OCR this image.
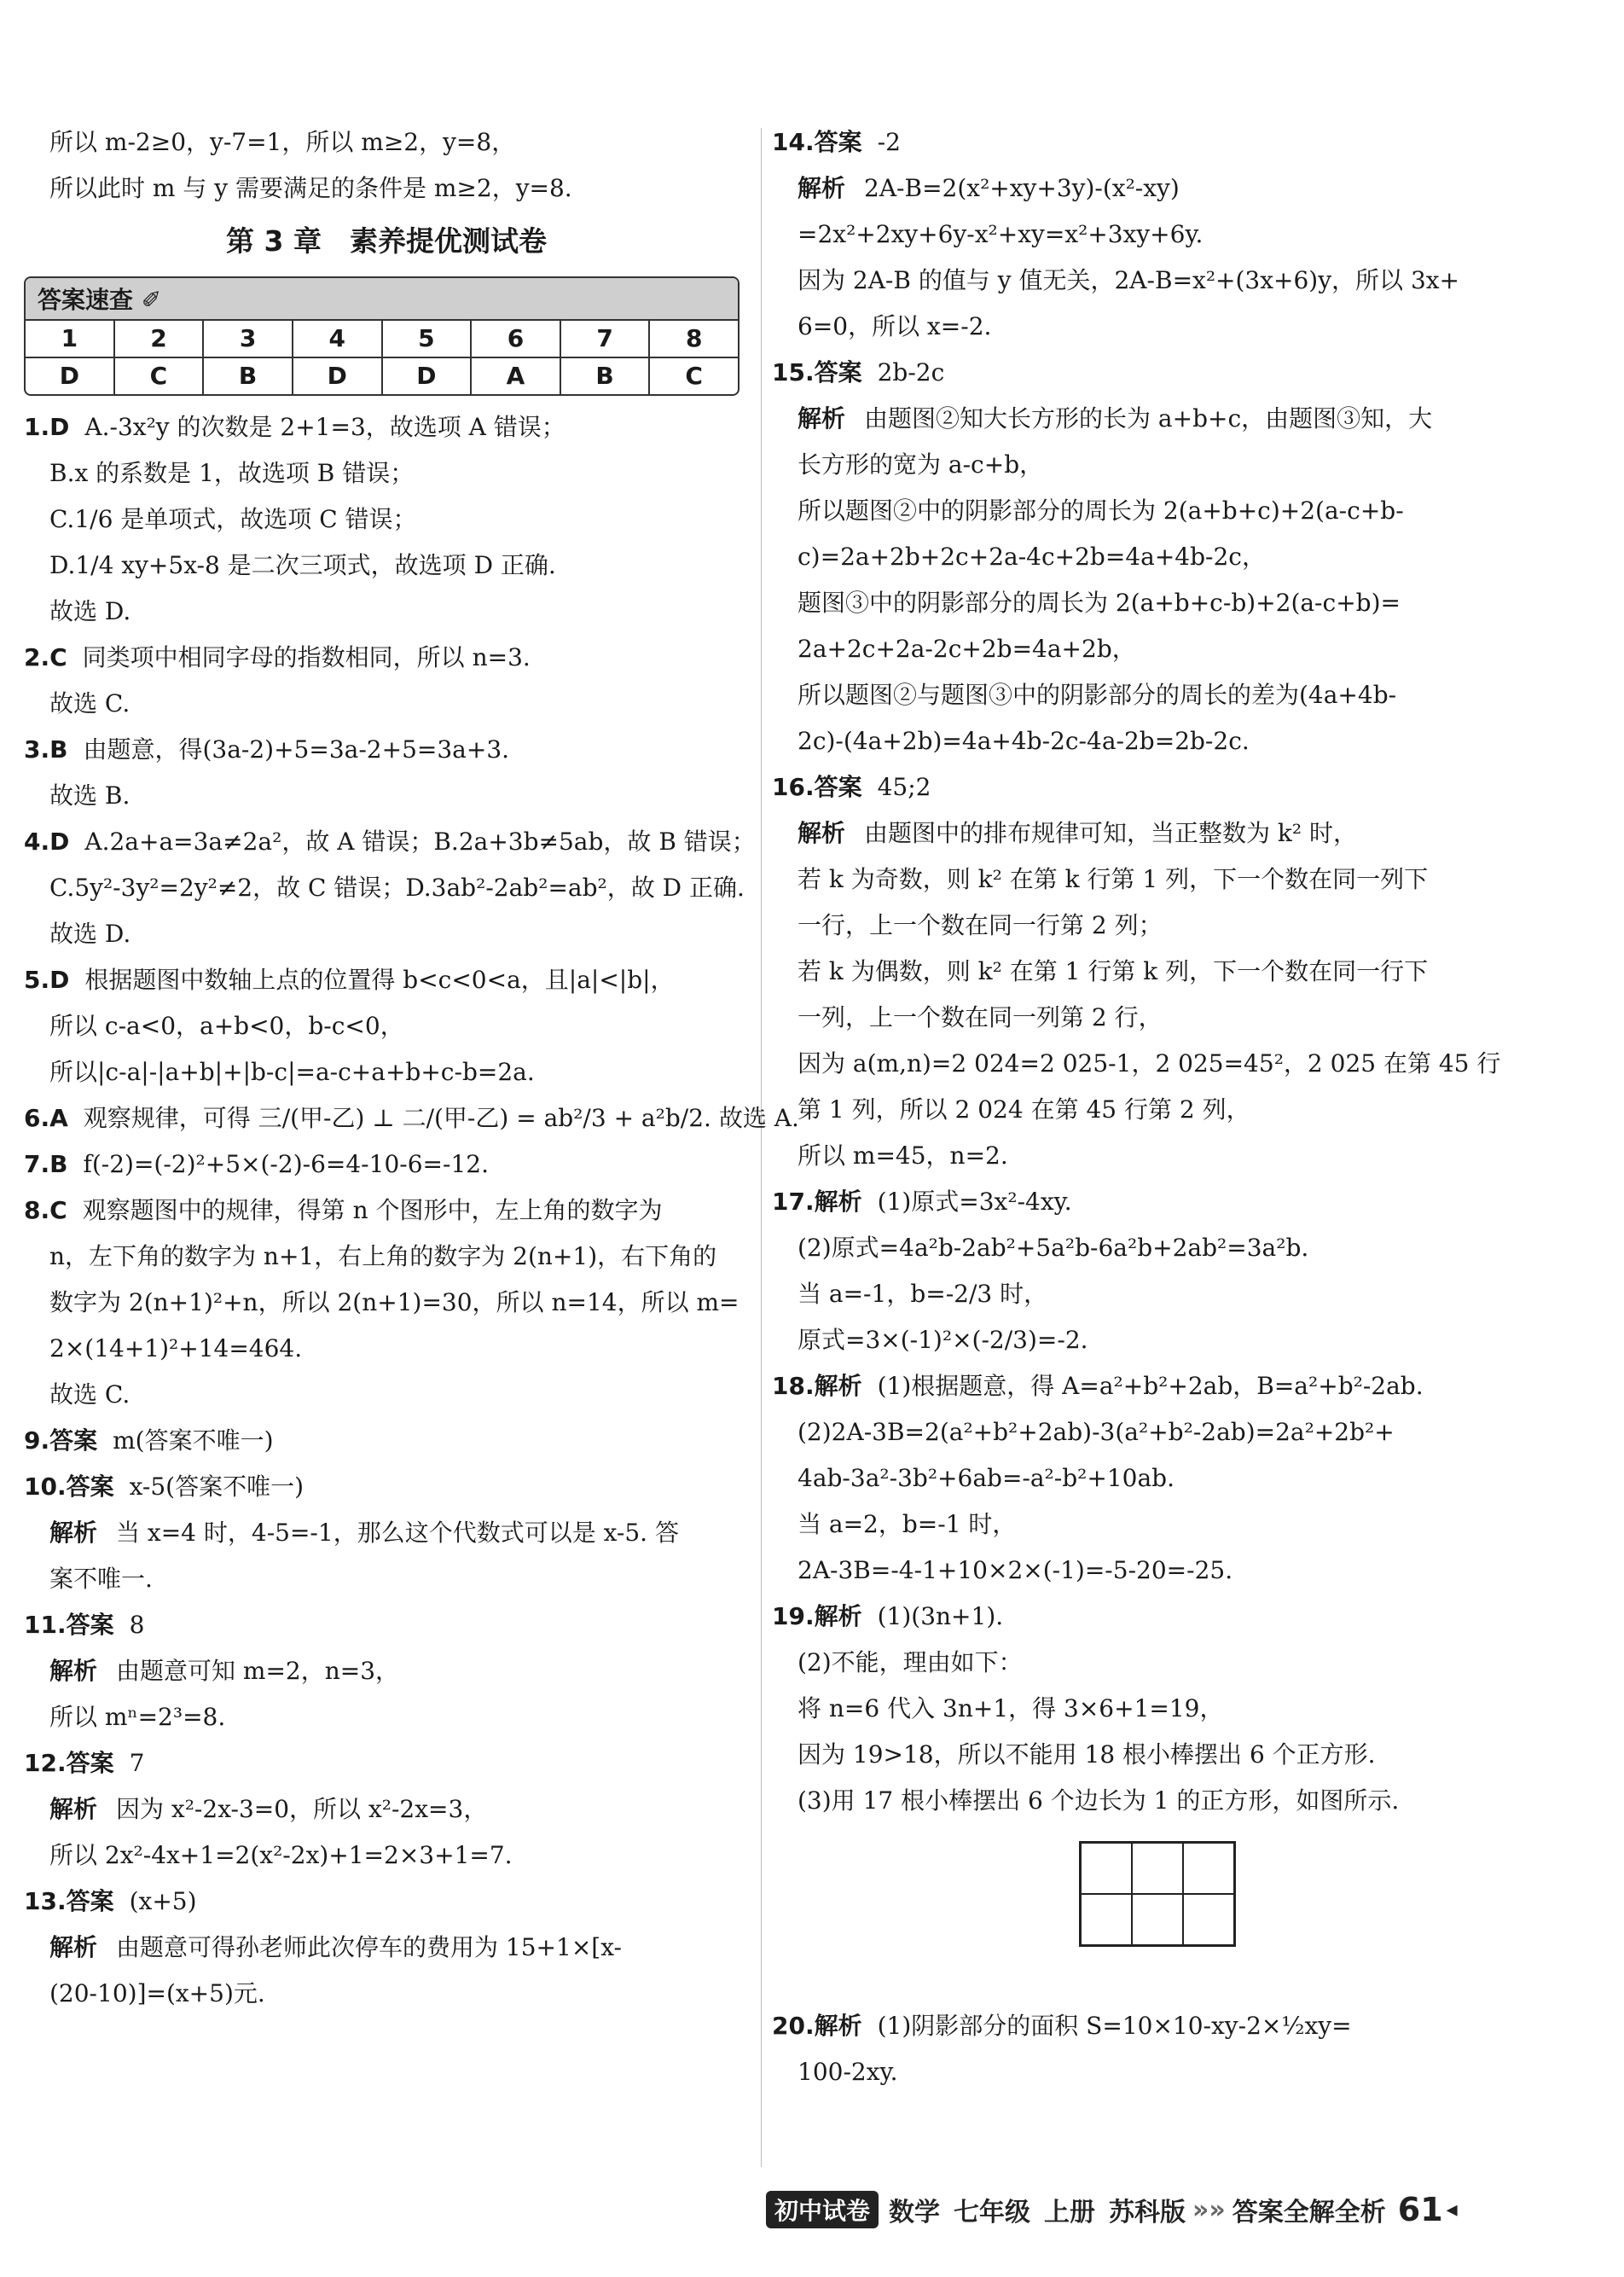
所以 m-2≥0，y-7=1，所以 m≥2，y=8，
所以此时 m 与 y 需要满足的条件是 m≥2，y=8.
第 3 章　素养提优测试卷
答案速查 ✐
1	2	3	4	5	6	7	8
D	C	B	D	D	A	B	C
1.D A.-3x²y 的次数是 2+1=3，故选项 A 错误；
B.x 的系数是 1，故选项 B 错误；
C.1/6 是单项式，故选项 C 错误；
D.1/4 xy+5x-8 是二次三项式，故选项 D 正确.
故选 D.
2.C 同类项中相同字母的指数相同，所以 n=3.
故选 C.
3.B 由题意，得(3a-2)+5=3a-2+5=3a+3.
故选 B.
4.D A.2a+a=3a≠2a²，故 A 错误；B.2a+3b≠5ab，故 B 错误；
C.5y²-3y²=2y²≠2，故 C 错误；D.3ab²-2ab²=ab²，故 D 正确.
故选 D.
5.D 根据题图中数轴上点的位置得 b<c<0<a，且|a|<|b|，
所以 c-a<0，a+b<0，b-c<0，
所以|c-a|-|a+b|+|b-c|=a-c+a+b+c-b=2a.
6.A 观察规律，可得 三/(甲-乙) ⊥ 二/(甲-乙) = ab²/3 + a²b/2. 故选 A.
7.B f(-2)=(-2)²+5×(-2)-6=4-10-6=-12.
8.C 观察题图中的规律，得第 n 个图形中，左上角的数字为
n，左下角的数字为 n+1，右上角的数字为 2(n+1)，右下角的
数字为 2(n+1)²+n，所以 2(n+1)=30，所以 n=14，所以 m=
2×(14+1)²+14=464.
故选 C.
9.答案 m(答案不唯一)
10.答案 x-5(答案不唯一)
解析 当 x=4 时，4-5=-1，那么这个代数式可以是 x-5. 答
案不唯一.
11.答案 8
解析 由题意可知 m=2，n=3，
所以 mⁿ=2³=8.
12.答案 7
解析 因为 x²-2x-3=0，所以 x²-2x=3，
所以 2x²-4x+1=2(x²-2x)+1=2×3+1=7.
13.答案 (x+5)
解析 由题意可得孙老师此次停车的费用为 15+1×[x-
(20-10)]=(x+5)元.
14.答案 -2
解析 2A-B=2(x²+xy+3y)-(x²-xy)
=2x²+2xy+6y-x²+xy=x²+3xy+6y.
因为 2A-B 的值与 y 值无关，2A-B=x²+(3x+6)y，所以 3x+
6=0，所以 x=-2.
15.答案 2b-2c
解析 由题图②知大长方形的长为 a+b+c，由题图③知，大
长方形的宽为 a-c+b，
所以题图②中的阴影部分的周长为 2(a+b+c)+2(a-c+b-
c)=2a+2b+2c+2a-4c+2b=4a+4b-2c，
题图③中的阴影部分的周长为 2(a+b+c-b)+2(a-c+b)=
2a+2c+2a-2c+2b=4a+2b，
所以题图②与题图③中的阴影部分的周长的差为(4a+4b-
2c)-(4a+2b)=4a+4b-2c-4a-2b=2b-2c.
16.答案 45;2
解析 由题图中的排布规律可知，当正整数为 k² 时，
若 k 为奇数，则 k² 在第 k 行第 1 列，下一个数在同一列下
一行，上一个数在同一行第 2 列；
若 k 为偶数，则 k² 在第 1 行第 k 列，下一个数在同一行下
一列，上一个数在同一列第 2 行，
因为 a(m,n)=2 024=2 025-1，2 025=45²，2 025 在第 45 行
第 1 列，所以 2 024 在第 45 行第 2 列，
所以 m=45，n=2.
17.解析 (1)原式=3x²-4xy.
(2)原式=4a²b-2ab²+5a²b-6a²b+2ab²=3a²b.
当 a=-1，b=-2/3 时，
原式=3×(-1)²×(-2/3)=-2.
18.解析 (1)根据题意，得 A=a²+b²+2ab，B=a²+b²-2ab.
(2)2A-3B=2(a²+b²+2ab)-3(a²+b²-2ab)=2a²+2b²+
4ab-3a²-3b²+6ab=-a²-b²+10ab.
当 a=2，b=-1 时，
2A-3B=-4-1+10×2×(-1)=-5-20=-25.
19.解析 (1)(3n+1).
(2)不能，理由如下：
将 n=6 代入 3n+1，得 3×6+1=19，
因为 19>18，所以不能用 18 根小棒摆出 6 个正方形.
(3)用 17 根小棒摆出 6 个边长为 1 的正方形，如图所示.
20.解析 (1)阴影部分的面积 S=10×10-xy-2×½xy=
100-2xy.
初中试卷 数学 七年级 上册 苏科版 »» 答案全解全析 61 ◂
